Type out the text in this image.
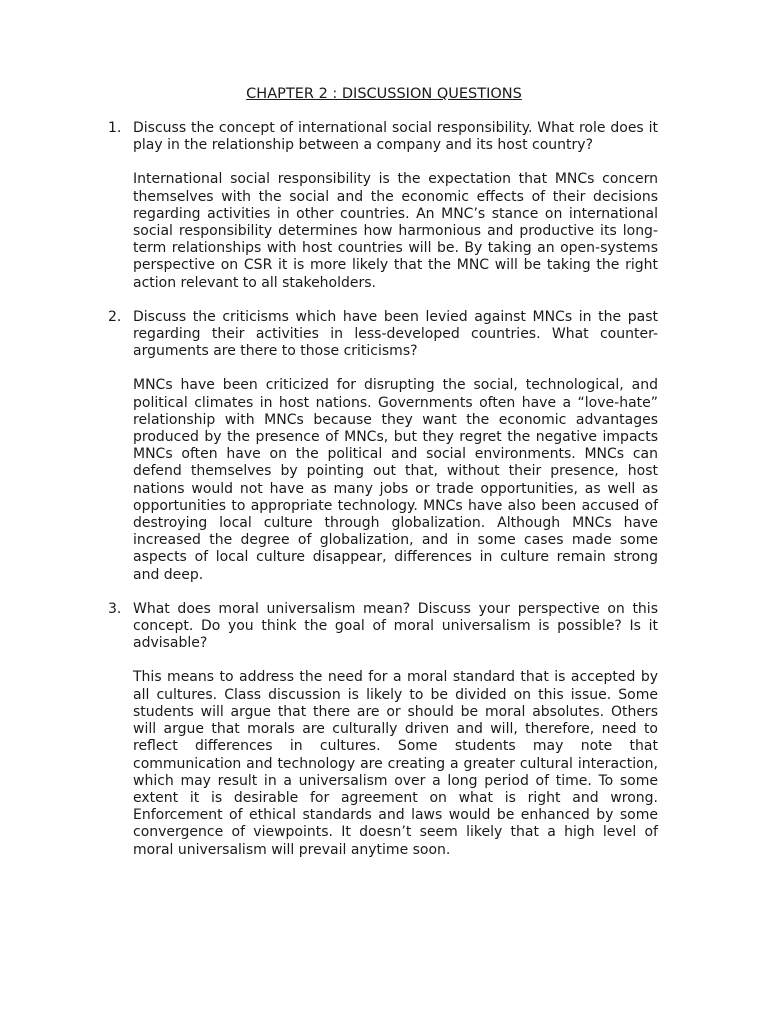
CHAPTER 2 : DISCUSSION QUESTIONS
1. Discuss the concept of international social responsibility. What role does it play in the relationship between a company and its host country?

International social responsibility is the expectation that MNCs concern themselves with the social and the economic effects of their decisions regarding activities in other countries. An MNC’s stance on international social responsibility determines how harmonious and productive its long-term relationships with host countries will be. By taking an open-systems perspective on CSR it is more likely that the MNC will be taking the right action relevant to all stakeholders.

2. Discuss the criticisms which have been levied against MNCs in the past regarding their activities in less-developed countries. What counter-arguments are there to those criticisms?

MNCs have been criticized for disrupting the social, technological, and political climates in host nations. Governments often have a “love-hate” relationship with MNCs because they want the economic advantages produced by the presence of MNCs, but they regret the negative impacts MNCs often have on the political and social environments. MNCs can defend themselves by pointing out that, without their presence, host nations would not have as many jobs or trade opportunities, as well as opportunities to appropriate technology. MNCs have also been accused of destroying local culture through globalization. Although MNCs have increased the degree of globalization, and in some cases made some aspects of local culture disappear, differences in culture remain strong and deep.

3. What does moral universalism mean? Discuss your perspective on this concept. Do you think the goal of moral universalism is possible? Is it advisable?

This means to address the need for a moral standard that is accepted by all cultures. Class discussion is likely to be divided on this issue. Some students will argue that there are or should be moral absolutes. Others will argue that morals are culturally driven and will, therefore, need to reflect differences in cultures. Some students may note that communication and technology are creating a greater cultural interaction, which may result in a universalism over a long period of time. To some extent it is desirable for agreement on what is right and wrong. Enforcement of ethical standards and laws would be enhanced by some convergence of viewpoints. It doesn’t seem likely that a high level of moral universalism will prevail anytime soon.
